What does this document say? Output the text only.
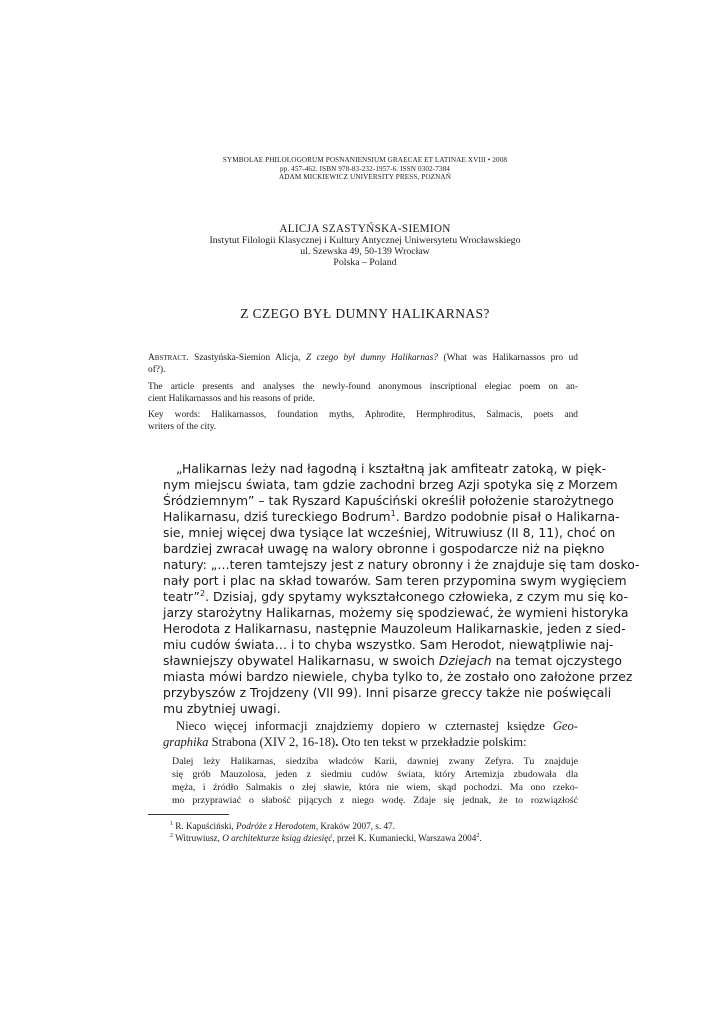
SYMBOLAE PHILOLOGORUM POSNANIENSIUM GRAECAE ET LATINAE XVIII • 2008
pp. 457-462. ISBN 978-83-232-1957-6. ISSN 0302-7384
ADAM MICKIEWICZ UNIVERSITY PRESS, POZNAŃ
ALICJA SZASTYŃSKA-SIEMION
Instytut Filologii Klasycznej i Kultury Antycznej Uniwersytetu Wrocławskiego
ul. Szewska 49, 50-139 Wrocław
Polska – Poland
Z CZEGO BYŁ DUMNY HALIKARNAS?
Abstract. Szastyńska-Siemion Alicja, Z czego był dumny Halikarnas? (What was Halikarnassos pro ud
of?).
The article presents and analyses the newly-found anonymous inscriptional elegiac poem on an-
cient Halikarnassos and his reasons of pride.
Key words: Halikarnassos, foundation myths, Aphrodite, Hermphroditus, Salmacis, poets and
writers of the city.
„Halikarnas leży nad łagodną i kształtną jak amfiteatr zatoką, w pięk-
nym miejscu świata, tam gdzie zachodni brzeg Azji spotyka się z Morzem
Śródziemnym” – tak Ryszard Kapuściński określił położenie starożytnego
Halikarnasu, dziś tureckiego Bodrum$^1$. Bardzo podobnie pisał o Halikarna-
sie, mniej więcej dwa tysiące lat wcześniej, Witruwiusz (II 8, 11), choć on
bardziej zwracał uwagę na walory obronne i gospodarcze niż na piękno
natury: „…teren tamtejszy jest z natury obronny i że znajduje się tam dosko-
nały port i plac na skład towarów. Sam teren przypomina swym wygięciem
teatr”$^2$. Dzisiaj, gdy spytamy wykształconego człowieka, z czym mu się ko-
jarzy starożytny Halikarnas, możemy się spodziewać, że wymieni historyka
Herodota z Halikarnasu, następnie Mauzoleum Halikarnaskie, jeden z sied-
miu cudów świata… i to chyba wszystko. Sam Herodot, niewątpliwie naj-
sławniejszy obywatel Halikarnasu, w swoich Dziejach na temat ojczystego
miasta mówi bardzo niewiele, chyba tylko to, że zostało ono założone przez
przybyszów z Trojdzeny (VII 99). Inni pisarze greccy także nie poświęcali
mu zbytniej uwagi.
Nieco więcej informacji znajdziemy dopiero w czternastej księdze Geo-
graphika Strabona (XIV 2, 16-18). Oto ten tekst w przekładzie polskim:
Dalej leży Halikarnas, siedziba władców Karii, dawniej zwany Zefyra. Tu znajduje
się grób Mauzolosa, jeden z siedmiu cudów świata, który Artemizja zbudowała dla
męża, i źródło Salmakis o złej sławie, która nie wiem, skąd pochodzi. Ma ono rzeko-
mo przyprawiać o słabość pijących z niego wodę. Zdaje się jednak, że to rozwiązłość
$^1$ R. Kapuściński, Podróże z Herodotem, Kraków 2007, s. 47.
$^2$ Witruwiusz, O architekturze ksiąg dziesięć, przeł K. Kumaniecki, Warszawa 2004$^2$.
